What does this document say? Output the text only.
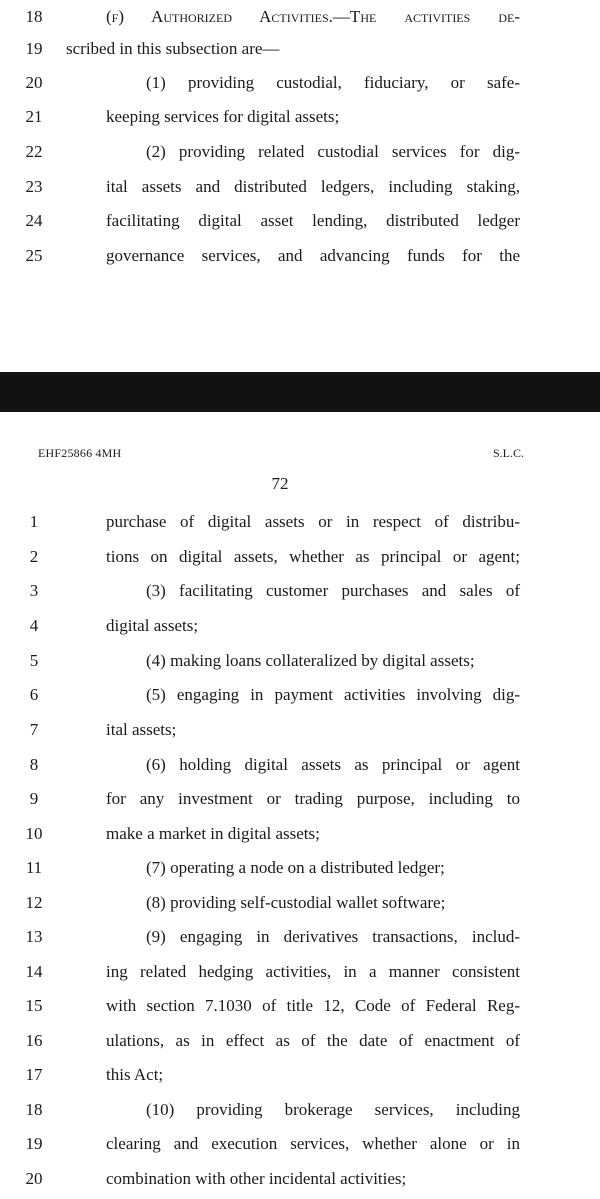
18	(f) Authorized Activities.—The activities de-
19	scribed in this subsection are—
20	(1) providing custodial, fiduciary, or safe-
21	keeping services for digital assets;
22	(2) providing related custodial services for dig-
23	ital assets and distributed ledgers, including staking,
24	facilitating digital asset lending, distributed ledger
25	governance services, and advancing funds for the
EHF25866 4MH	S.L.C.
72
1	purchase of digital assets or in respect of distribu-
2	tions on digital assets, whether as principal or agent;
3	(3) facilitating customer purchases and sales of
4	digital assets;
5	(4) making loans collateralized by digital assets;
6	(5) engaging in payment activities involving dig-
7	ital assets;
8	(6) holding digital assets as principal or agent
9	for any investment or trading purpose, including to
10	make a market in digital assets;
11	(7) operating a node on a distributed ledger;
12	(8) providing self-custodial wallet software;
13	(9) engaging in derivatives transactions, includ-
14	ing related hedging activities, in a manner consistent
15	with section 7.1030 of title 12, Code of Federal Reg-
16	ulations, as in effect as of the date of enactment of
17	this Act;
18	(10) providing brokerage services, including
19	clearing and execution services, whether alone or in
20	combination with other incidental activities;
